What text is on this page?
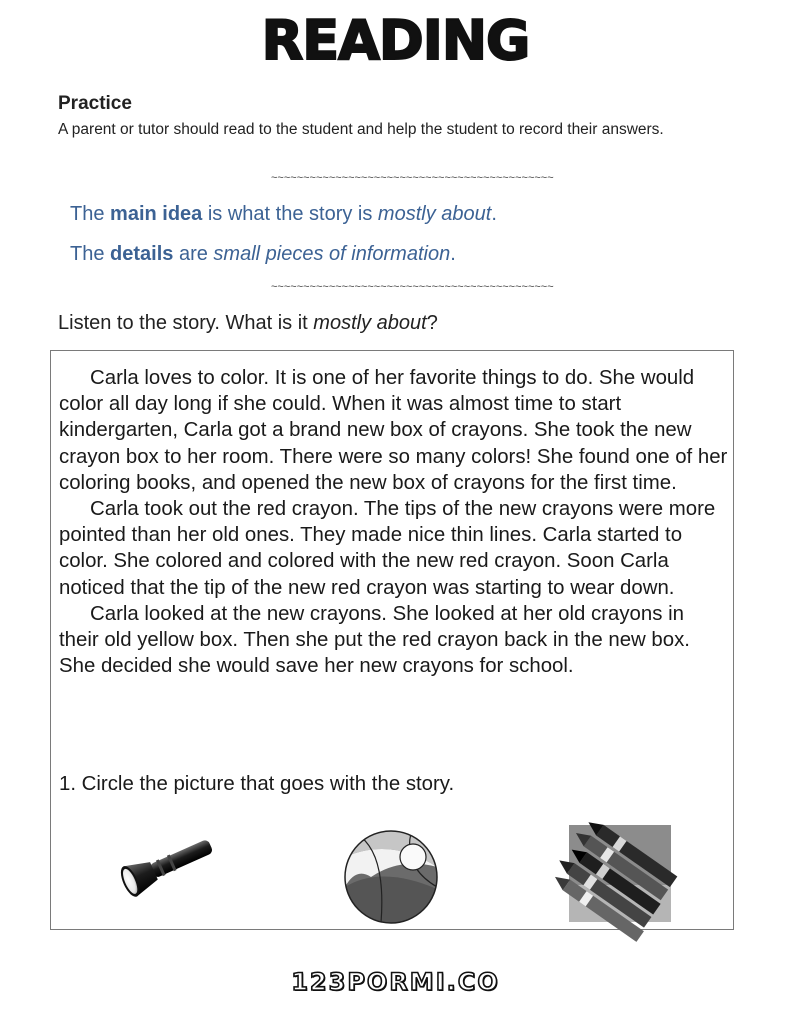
READING
Practice
A parent or tutor should read to the student and help the student to record their answers.
~~~~~~~~~~~~~~~~~~~~~~~~~~~~~~~~~~~~~~~~~~~~
The main idea is what the story is mostly about.
The details are small pieces of information.
~~~~~~~~~~~~~~~~~~~~~~~~~~~~~~~~~~~~~~~~~~~~
Listen to the story. What is it mostly about?

Carla loves to color. It is one of her favorite things to do. She would color all day long if she could. When it was almost time to start kindergarten, Carla got a brand new box of crayons. She took the new crayon box to her room. There were so many colors! She found one of her coloring books, and opened the new box of crayons for the first time.

Carla took out the red crayon. The tips of the new crayons were more pointed than her old ones. They made nice thin lines. Carla started to color. She colored and colored with the new red crayon. Soon Carla noticed that the tip of the new red crayon was starting to wear down.

Carla looked at the new crayons. She looked at her old crayons in their old yellow box. Then she put the red crayon back in the new box. She decided she would save her new crayons for school.

1. Circle the picture that goes with the story.
123PORMI.CO
